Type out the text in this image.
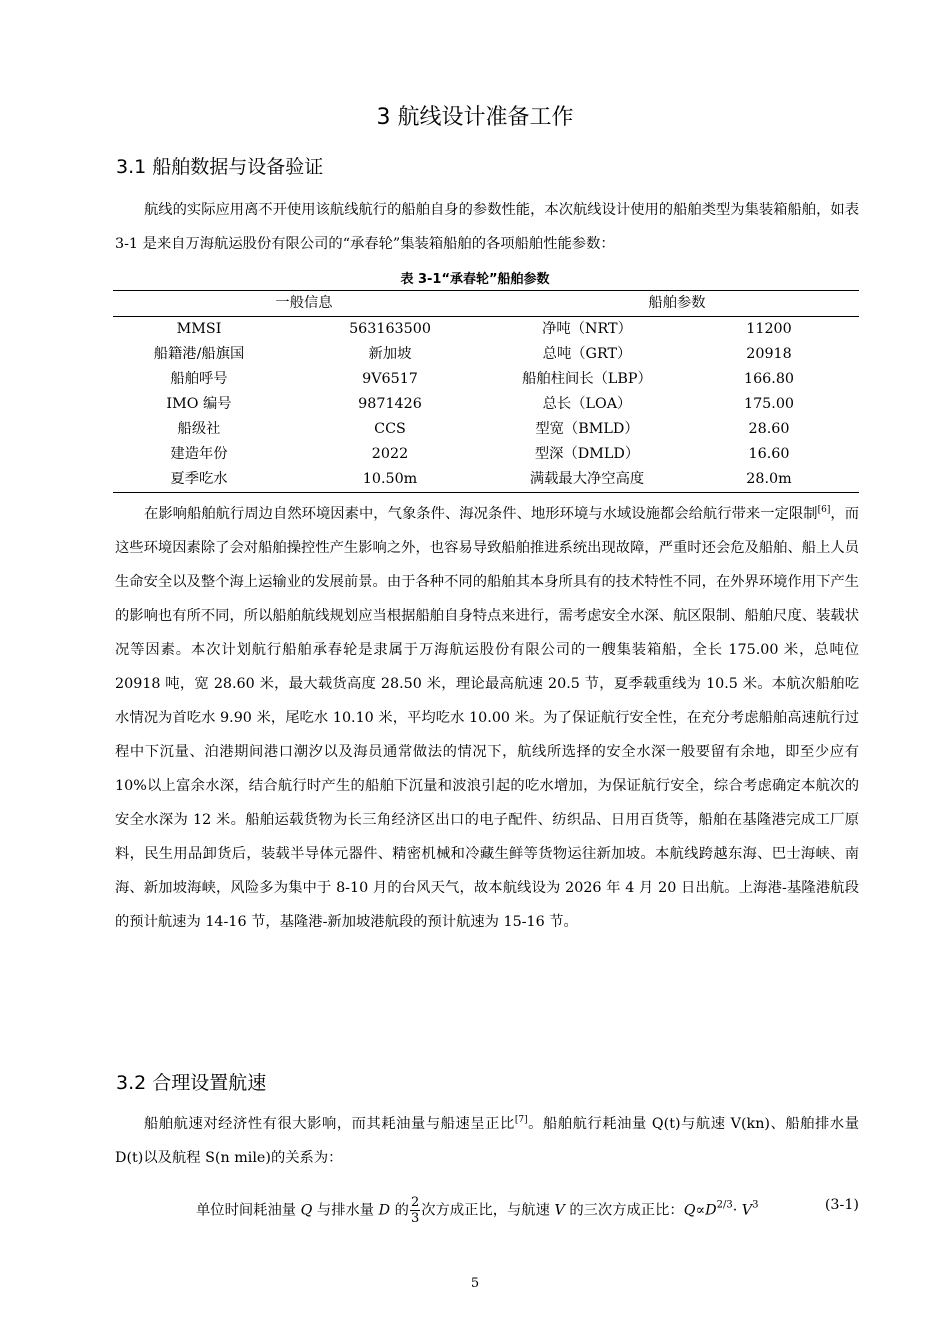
3 航线设计准备工作
3.1 船舶数据与设备验证

航线的实际应用离不开使用该航线航行的船舶自身的参数性能，本次航线设计使用的船舶类型为集装箱船舶，如表 3-1 是来自万海航运股份有限公司的“承春轮”集装箱船舶的各项船舶性能参数：

表 3-1“承春轮”船舶参数
一般信息		船舶参数	
MMSI	563163500	净吨（NRT）	11200
船籍港/船旗国	新加坡	总吨（GRT）	20918
船舶呼号	9V6517	船舶柱间长（LBP）	166.80
IMO 编号	9871426	总长（LOA）	175.00
船级社	CCS	型宽（BMLD）	28.60
建造年份	2022	型深（DMLD）	16.60
夏季吃水	10.50m	满载最大净空高度	28.0m

在影响船舶航行周边自然环境因素中，气象条件、海况条件、地形环境与水域设施都会给航行带来一定限制[6]，而这些环境因素除了会对船舶操控性产生影响之外，也容易导致船舶推进系统出现故障，严重时还会危及船舶、船上人员生命安全以及整个海上运输业的发展前景。由于各种不同的船舶其本身所具有的技术特性不同，在外界环境作用下产生的影响也有所不同，所以船舶航线规划应当根据船舶自身特点来进行，需考虑安全水深、航区限制、船舶尺度、装载状况等因素。本次计划航行船舶承春轮是隶属于万海航运股份有限公司的一艘集装箱船，全长 175.00 米，总吨位 20918 吨，宽 28.60 米，最大载货高度 28.50 米，理论最高航速 20.5 节，夏季载重线为 10.5 米。本航次船舶吃水情况为首吃水 9.90 米，尾吃水 10.10 米，平均吃水 10.00 米。为了保证航行安全性，在充分考虑船舶高速航行过程中下沉量、泊港期间港口潮汐以及海员通常做法的情况下，航线所选择的安全水深一般要留有余地，即至少应有 10%以上富余水深，结合航行时产生的船舶下沉量和波浪引起的吃水增加，为保证航行安全，综合考虑确定本航次的安全水深为 12 米。船舶运载货物为长三角经济区出口的电子配件、纺织品、日用百货等，船舶在基隆港完成工厂原料，民生用品卸货后，装载半导体元器件、精密机械和冷藏生鲜等货物运往新加坡。本航线跨越东海、巴士海峡、南海、新加坡海峡，风险多为集中于 8-10 月的台风天气，故本航线设为 2026 年 4 月 20 日出航。上海港-基隆港航段的预计航速为 14-16 节，基隆港-新加坡港航段的预计航速为 15-16 节。

3.2 合理设置航速

船舶航速对经济性有很大影响，而其耗油量与船速呈正比[7]。船舶航行耗油量 Q(t)与航速 V(kn)、船舶排水量 D(t)以及航程 S(n mile)的关系为：

单位时间耗油量 Q 与排水量 D 的 $\frac{2}{3}$ 次方成正比，与航速 V 的三次方成正比：$Q\propto D^{2/3}\cdot V^3$	(3-1)
5
